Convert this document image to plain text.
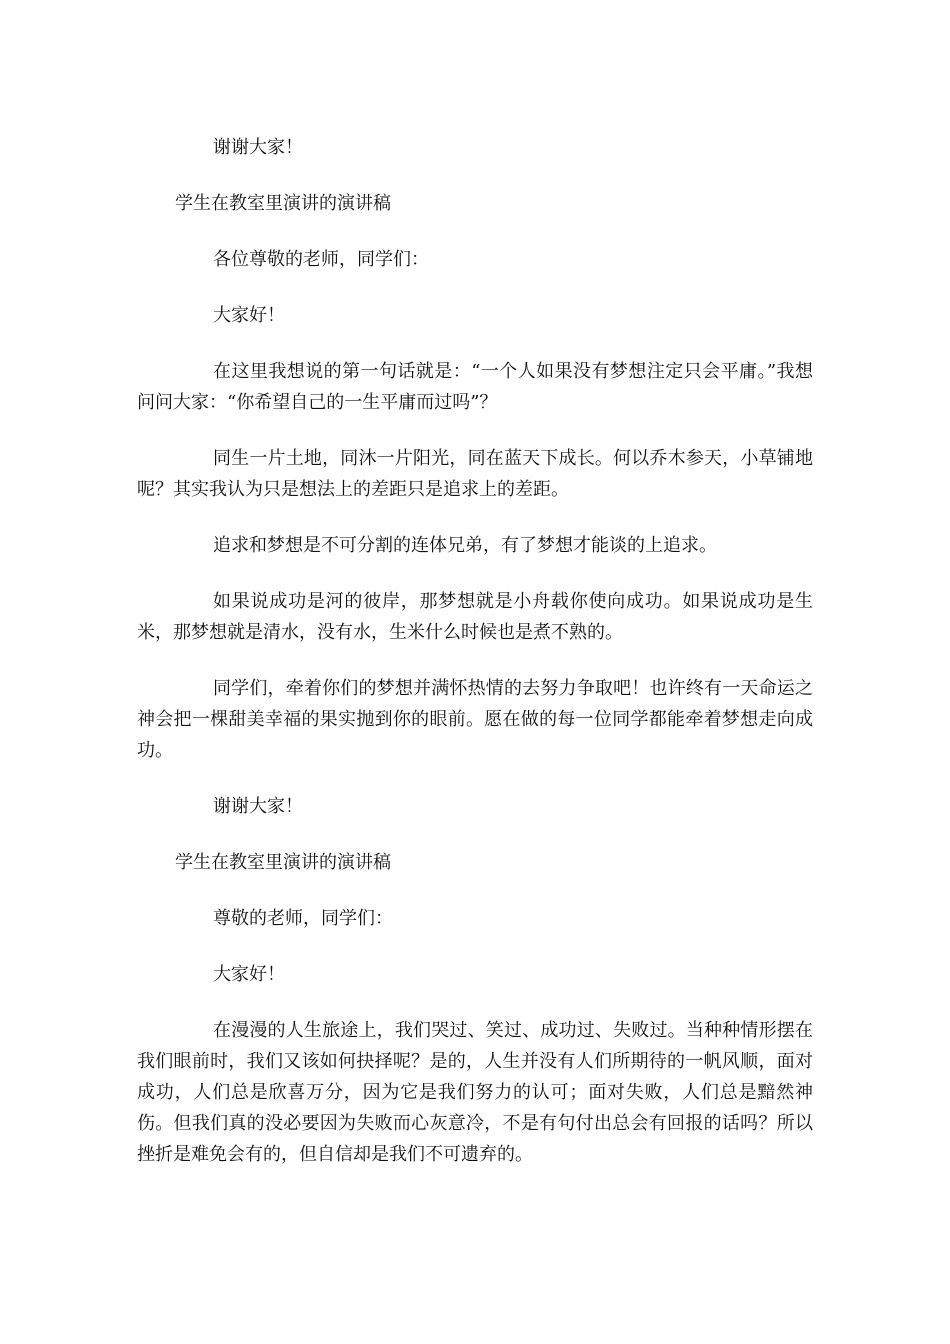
谢谢大家！

学生在教室里演讲的演讲稿

各位尊敬的老师，同学们：

大家好！

在这里我想说的第一句话就是：“一个人如果没有梦想注定只会平庸。”我想问问大家：“你希望自己的一生平庸而过吗”？

同生一片土地，同沐一片阳光，同在蓝天下成长。何以乔木参天，小草铺地呢？其实我认为只是想法上的差距只是追求上的差距。

追求和梦想是不可分割的连体兄弟，有了梦想才能谈的上追求。

如果说成功是河的彼岸，那梦想就是小舟载你使向成功。如果说成功是生米，那梦想就是清水，没有水，生米什么时候也是煮不熟的。

同学们，牵着你们的梦想并满怀热情的去努力争取吧！也许终有一天命运之神会把一棵甜美幸福的果实抛到你的眼前。愿在做的每一位同学都能牵着梦想走向成功。

谢谢大家！

学生在教室里演讲的演讲稿

尊敬的老师，同学们：

大家好！

在漫漫的人生旅途上，我们哭过、笑过、成功过、失败过。当种种情形摆在我们眼前时，我们又该如何抉择呢？是的，人生并没有人们所期待的一帆风顺，面对成功，人们总是欣喜万分，因为它是我们努力的认可；面对失败，人们总是黯然神伤。但我们真的没必要因为失败而心灰意冷，不是有句付出总会有回报的话吗？所以挫折是难免会有的，但自信却是我们不可遗弃的。
